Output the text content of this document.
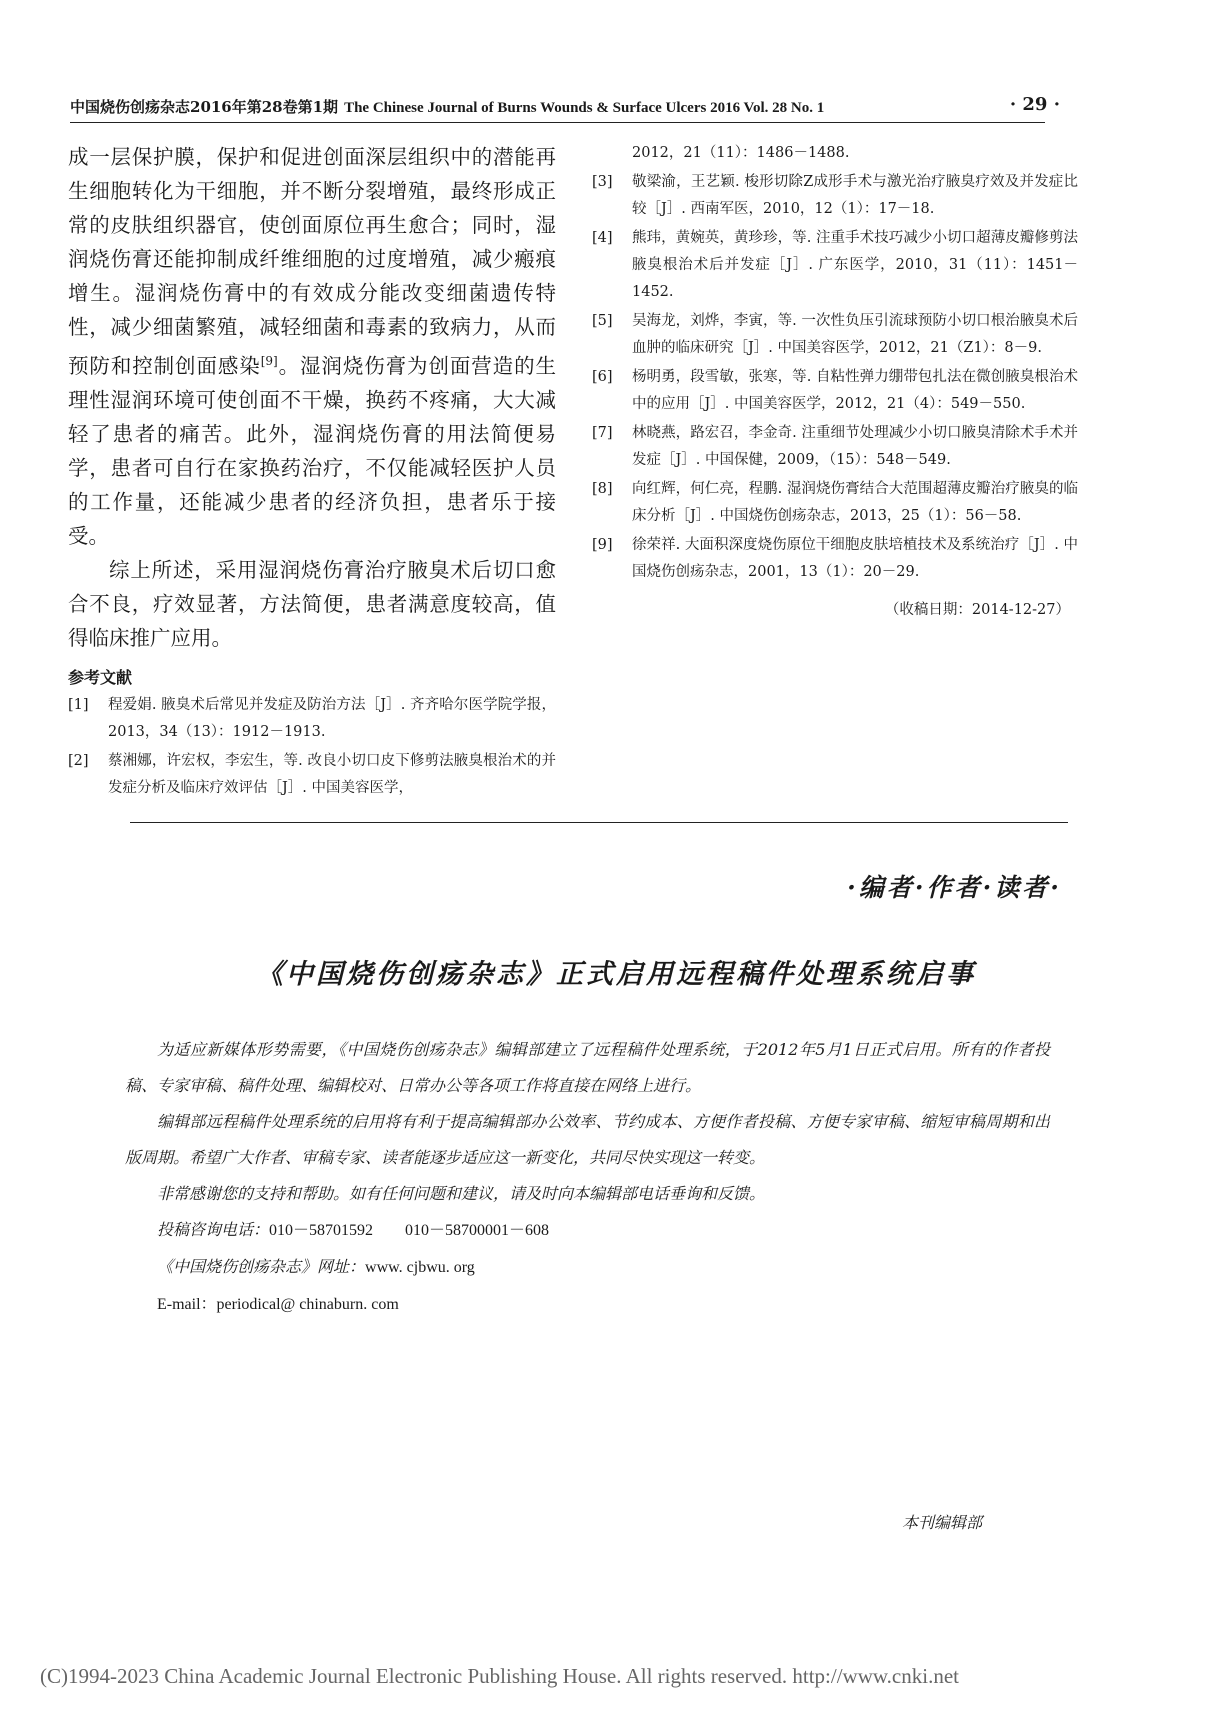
中国烧伤创疡杂志2016年第28卷第1期 The Chinese Journal of Burns Wounds & Surface Ulcers 2016 Vol. 28 No. 1	· 29 ·

成一层保护膜，保护和促进创面深层组织中的潜能再生细胞转化为干细胞，并不断分裂增殖，最终形成正常的皮肤组织器官，使创面原位再生愈合；同时，湿润烧伤膏还能抑制成纤维细胞的过度增殖，减少瘢痕增生。湿润烧伤膏中的有效成分能改变细菌遗传特性，减少细菌繁殖，减轻细菌和毒素的致病力，从而预防和控制创面感染[9]。湿润烧伤膏为创面营造的生理性湿润环境可使创面不干燥，换药不疼痛，大大减轻了患者的痛苦。此外，湿润烧伤膏的用法简便易学，患者可自行在家换药治疗，不仅能减轻医护人员的工作量，还能减少患者的经济负担，患者乐于接受。

综上所述，采用湿润烧伤膏治疗腋臭术后切口愈合不良，疗效显著，方法简便，患者满意度较高，值得临床推广应用。

参考文献

[1] 程爱娟. 腋臭术后常见并发症及防治方法［J］. 齐齐哈尔医学院学报，2013，34（13）：1912－1913.

[2] 蔡湘娜，许宏权，李宏生，等. 改良小切口皮下修剪法腋臭根治术的并发症分析及临床疗效评估［J］. 中国美容医学，

2012，21（11）：1486－1488.

[3] 敬梁渝，王艺颖. 梭形切除Z成形手术与激光治疗腋臭疗效及并发症比较［J］. 西南军医，2010，12（1）：17－18.

[4] 熊玮，黄婉英，黄珍珍，等. 注重手术技巧减少小切口超薄皮瓣修剪法腋臭根治术后并发症［J］. 广东医学，2010，31（11）：1451－1452.

[5] 吴海龙，刘烨，李寅，等. 一次性负压引流球预防小切口根治腋臭术后血肿的临床研究［J］. 中国美容医学，2012，21（Z1）：8－9.

[6] 杨明勇，段雪敏，张寒，等. 自粘性弹力绷带包扎法在微创腋臭根治术中的应用［J］. 中国美容医学，2012，21（4）：549－550.

[7] 林晓燕，路宏召，李金奇. 注重细节处理减少小切口腋臭清除术手术并发症［J］. 中国保健，2009，（15）：548－549.

[8] 向红辉，何仁亮，程鹏. 湿润烧伤膏结合大范围超薄皮瓣治疗腋臭的临床分析［J］. 中国烧伤创疡杂志，2013，25（1）：56－58.

[9] 徐荣祥. 大面积深度烧伤原位干细胞皮肤培植技术及系统治疗［J］. 中国烧伤创疡杂志，2001，13（1）：20－29.

（收稿日期：2014-12-27）
·编者·作者·读者·
《中国烧伤创疡杂志》正式启用远程稿件处理系统启事

为适应新媒体形势需要，《中国烧伤创疡杂志》编辑部建立了远程稿件处理系统，于2012年5月1日正式启用。所有的作者投稿、专家审稿、稿件处理、编辑校对、日常办公等各项工作将直接在网络上进行。

编辑部远程稿件处理系统的启用将有利于提高编辑部办公效率、节约成本、方便作者投稿、方便专家审稿、缩短审稿周期和出版周期。希望广大作者、审稿专家、读者能逐步适应这一新变化，共同尽快实现这一转变。

非常感谢您的支持和帮助。如有任何问题和建议，请及时向本编辑部电话垂询和反馈。

投稿咨询电话：010－58701592　　010－58700001－608

《中国烧伤创疡杂志》网址：www. cjbwu. org

E-mail：periodical@ chinaburn. com

本刊编辑部
(C)1994-2023 China Academic Journal Electronic Publishing House. All rights reserved. http://www.cnki.net
